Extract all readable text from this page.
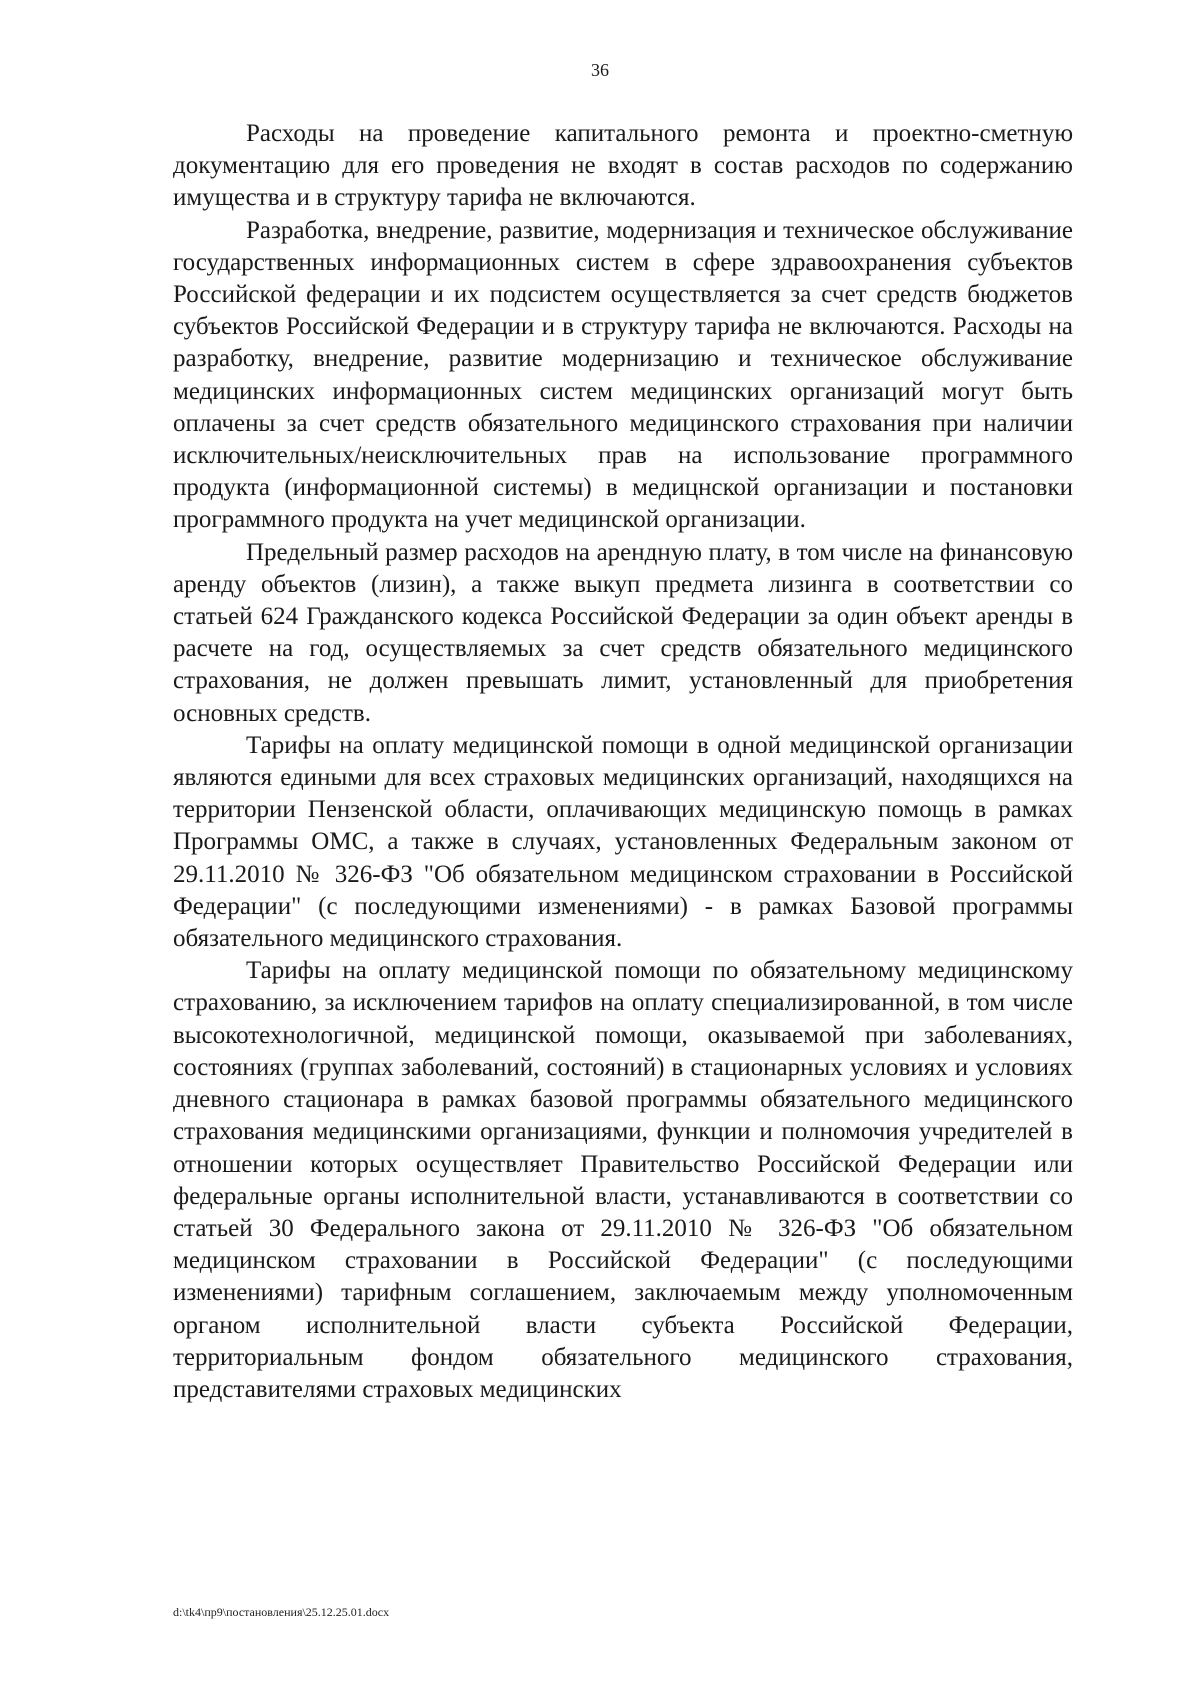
36

Расходы на проведение капитального ремонта и проектно-сметную документацию для его проведения не входят в состав расходов по содержанию имущества и в структуру тарифа не включаются.

Разработка, внедрение, развитие, модернизация и техническое обслуживание государственных информационных систем в сфере здравоохранения субъектов Российской федерации и их подсистем осуществляется за счет средств бюджетов субъектов Российской Федерации и в структуру тарифа не включаются. Расходы на разработку, внедрение, развитие модернизацию и техническое обслуживание медицинских информационных систем медицинских организаций могут быть оплачены за счет средств обязательного медицинского страхования при наличии исключительных/неисключительных прав на использование программного продукта (информационной системы) в медицнской организации и постановки программного продукта на учет медицинской организации.

Предельный размер расходов на арендную плату, в том числе на финансовую аренду объектов (лизин), а также выкуп предмета лизинга в соответствии со статьей 624 Гражданского кодекса Российской Федерации за один объект аренды в расчете на год, осуществляемых за счет средств обязательного медицинского страхования, не должен превышать лимит, установленный для приобретения основных средств.

Тарифы на оплату медицинской помощи в одной медицинской организации являются едиными для всех страховых медицинских организаций, находящихся на территории Пензенской области, оплачивающих медицинскую помощь в рамках Программы ОМС, а также в случаях, установленных Федеральным законом от 29.11.2010 № 326-ФЗ "Об обязательном медицинском страховании в Российской Федерации" (с последующими изменениями) - в рамках Базовой программы обязательного медицинского страхования.

Тарифы на оплату медицинской помощи по обязательному медицинскому страхованию, за исключением тарифов на оплату специализированной, в том числе высокотехнологичной, медицинской помощи, оказываемой при заболеваниях, состояниях (группах заболеваний, состояний) в стационарных условиях и условиях дневного стационара в рамках базовой программы обязательного медицинского страхования медицинскими организациями, функции и полномочия учредителей в отношении которых осуществляет Правительство Российской Федерации или федеральные органы исполнительной власти, устанавливаются в соответствии со статьей 30 Федерального закона от 29.11.2010 № 326-ФЗ "Об обязательном медицинском страховании в Российской Федерации" (с последующими изменениями) тарифным соглашением, заключаемым между уполномоченным органом исполнительной власти субъекта Российской Федерации, территориальным фондом обязательного медицинского страхования, представителями страховых медицинских

d:\tk4\пр9\постановления\25.12.25.01.docx
